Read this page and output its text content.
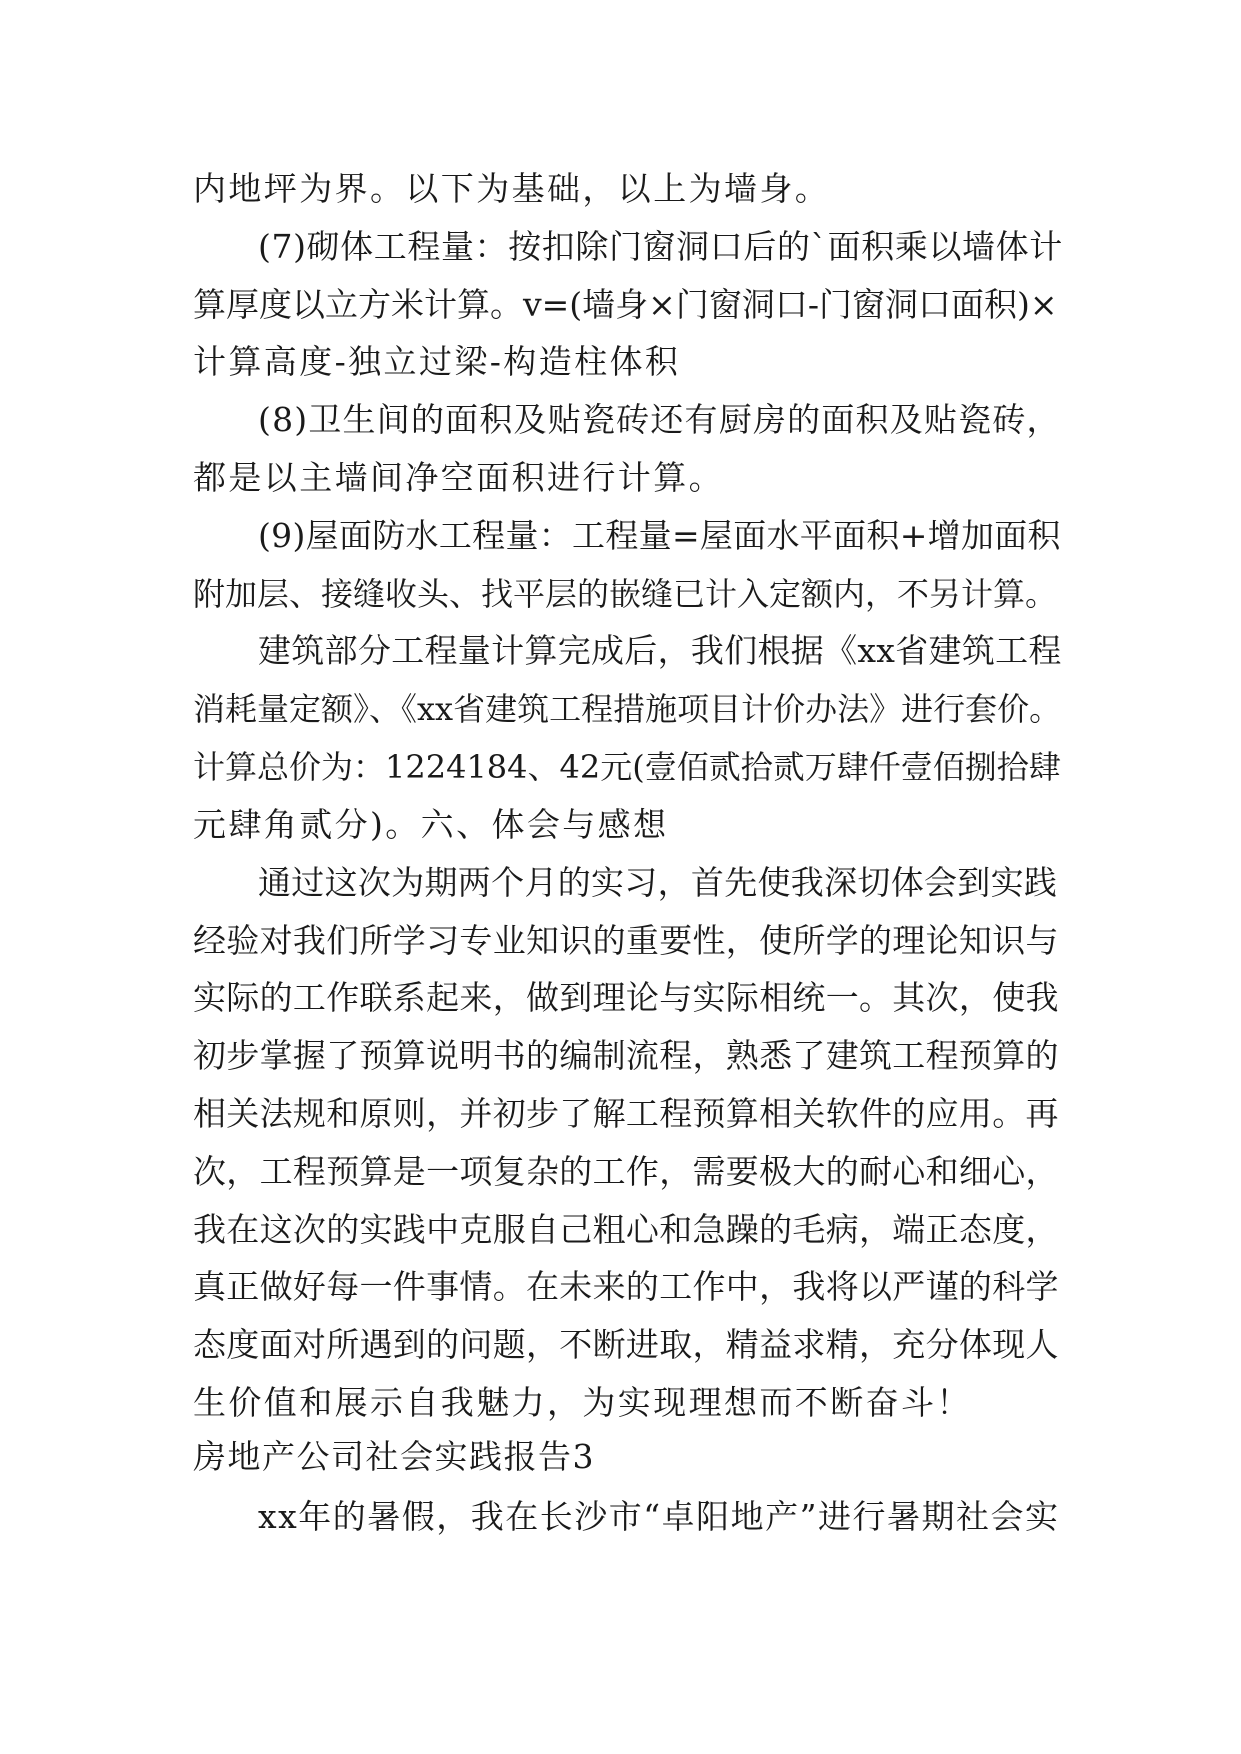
内地坪为界。以下为基础，以上为墙身。
(7)砌体工程量：按扣除门窗洞口后的`面积乘以墙体计
算厚度以立方米计算。v=(墙身×门窗洞口-门窗洞口面积)×
计算高度-独立过梁-构造柱体积
(8)卫生间的面积及贴瓷砖还有厨房的面积及贴瓷砖，
都是以主墙间净空面积进行计算。
(9)屋面防水工程量：工程量=屋面水平面积+增加面积
附加层、接缝收头、找平层的嵌缝已计入定额内，不另计算。
建筑部分工程量计算完成后，我们根据《xx省建筑工程
消耗量定额》、《xx省建筑工程措施项目计价办法》进行套价。
计算总价为：1224184、42元(壹佰贰拾贰万肆仟壹佰捌拾肆
元肆角贰分)。六、体会与感想
通过这次为期两个月的实习，首先使我深切体会到实践
经验对我们所学习专业知识的重要性，使所学的理论知识与
实际的工作联系起来，做到理论与实际相统一。其次，使我
初步掌握了预算说明书的编制流程，熟悉了建筑工程预算的
相关法规和原则，并初步了解工程预算相关软件的应用。再
次，工程预算是一项复杂的工作，需要极大的耐心和细心，
我在这次的实践中克服自己粗心和急躁的毛病，端正态度，
真正做好每一件事情。在未来的工作中，我将以严谨的科学
态度面对所遇到的问题，不断进取，精益求精，充分体现人
生价值和展示自我魅力，为实现理想而不断奋斗！
房地产公司社会实践报告3
xx年的暑假，我在长沙市“卓阳地产”进行暑期社会实
